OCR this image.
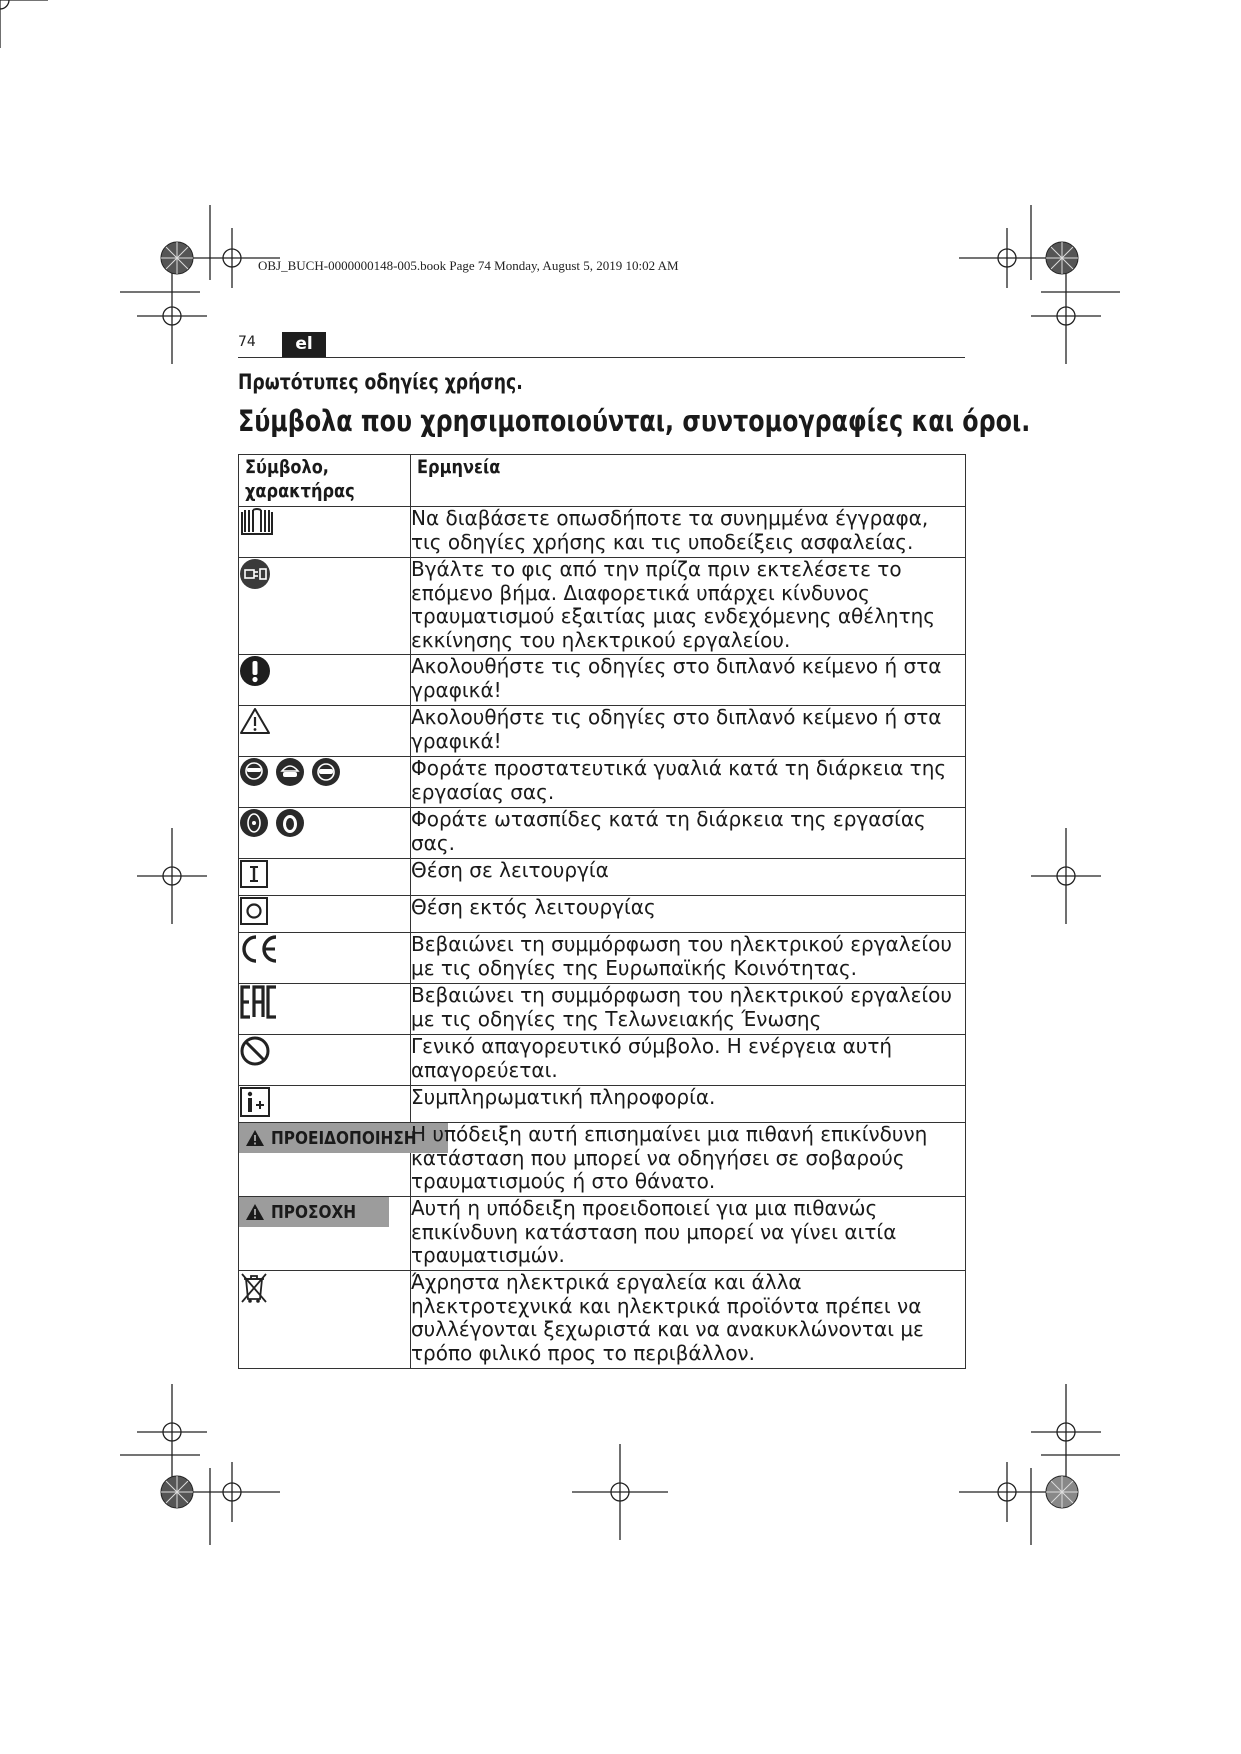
OBJ_BUCH-0000000148-005.book Page 74 Monday, August 5, 2019 10:02 AM
74	el
Πρωτότυπες οδηγίες χρήσης.
Σύμβολα που χρησιμοποιούνται, συντομογραφίες και όροι.
Σύμβολο, χαρακτήρας	Ερμηνεία

Να διαβάσετε οπωσδήποτε τα συνημμένα έγγραφα, τις οδηγίες χρήσης και τις υποδείξεις ασφαλείας.

Βγάλτε το φις από την πρίζα πριν εκτελέσετε το επόμενο βήμα. Διαφορετικά υπάρχει κίνδυνος τραυματισμού εξαιτίας μιας ενδεχόμενης αθέλητης εκκίνησης του ηλεκτρικού εργαλείου.

Ακολουθήστε τις οδηγίες στο διπλανό κείμενο ή στα γραφικά!

Ακολουθήστε τις οδηγίες στο διπλανό κείμενο ή στα γραφικά!

Φοράτε προστατευτικά γυαλιά κατά τη διάρκεια της εργασίας σας.

Φοράτε ωτασπίδες κατά τη διάρκεια της εργασίας σας.

Θέση σε λειτουργία

Θέση εκτός λειτουργίας

Βεβαιώνει τη συμμόρφωση του ηλεκτρικού εργαλείου με τις οδηγίες της Ευρωπαϊκής Κοινότητας.

Βεβαιώνει τη συμμόρφωση του ηλεκτρικού εργαλείου με τις οδηγίες της Τελωνειακής Ένωσης

Γενικό απαγορευτικό σύμβολο. Η ενέργεια αυτή απαγορεύεται.

Συμπληρωματική πληροφορία.

ΠΡΟΕΙΔΟΠΟΙΗΣΗ	Η υπόδειξη αυτή επισημαίνει μια πιθανή επικίνδυνη κατάσταση που μπορεί να οδηγήσει σε σοβαρούς τραυματισμούς ή στο θάνατο.

ΠΡΟΣΟΧΗ	Αυτή η υπόδειξη προειδοποιεί για μια πιθανώς επικίνδυνη κατάσταση που μπορεί να γίνει αιτία τραυματισμών.

Άχρηστα ηλεκτρικά εργαλεία και άλλα ηλεκτροτεχνικά και ηλεκτρικά προϊόντα πρέπει να συλλέγονται ξεχωριστά και να ανακυκλώνονται με τρόπο φιλικό προς το περιβάλλον.
